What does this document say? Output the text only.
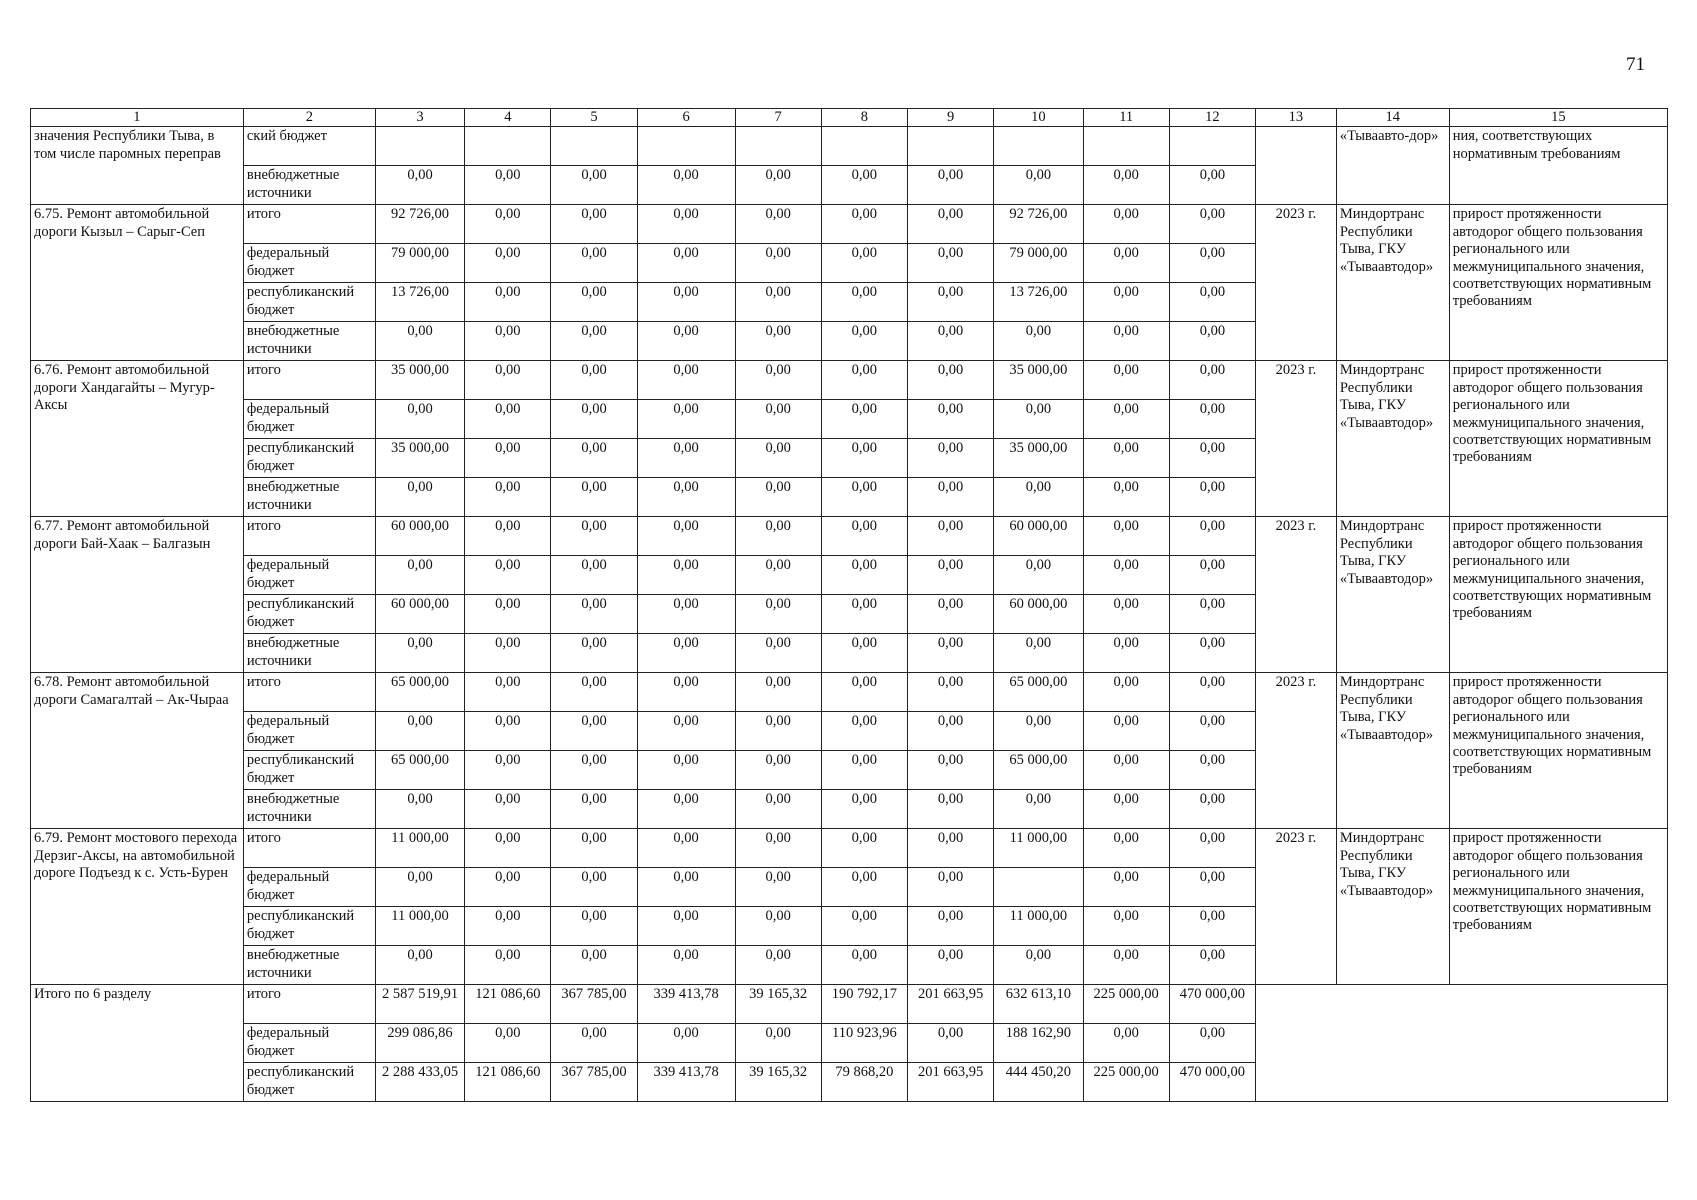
71
1	2	3	4	5	6	7	8	9	10	11	12	13	14	15
значения Республики Тыва, в том числе паромных переправ	ский бюджет												«Тываавто-дор»	ния, соответствующих нормативным требованиям
	внебюджетные источники	0,00	0,00	0,00	0,00	0,00	0,00	0,00	0,00	0,00	0,00			
6.75. Ремонт автомобильной дороги Кызыл – Сарыг-Сеп	итого	92 726,00	0,00	0,00	0,00	0,00	0,00	0,00	92 726,00	0,00	0,00	2023 г.	Миндортранс Республики Тыва, ГКУ «Тываавтодор»	прирост протяженности автодорог общего пользования регионального или межмуниципального значения, соответствующих нормативным требованиям
	федеральный бюджет	79 000,00	0,00	0,00	0,00	0,00	0,00	0,00	79 000,00	0,00	0,00			
	республиканский бюджет	13 726,00	0,00	0,00	0,00	0,00	0,00	0,00	13 726,00	0,00	0,00			
	внебюджетные источники	0,00	0,00	0,00	0,00	0,00	0,00	0,00	0,00	0,00	0,00			
6.76. Ремонт автомобильной дороги Хандагайты – Мугур-Аксы	итого	35 000,00	0,00	0,00	0,00	0,00	0,00	0,00	35 000,00	0,00	0,00	2023 г.	Миндортранс Республики Тыва, ГКУ «Тываавтодор»	прирост протяженности автодорог общего пользования регионального или межмуниципального значения, соответствующих нормативным требованиям
	федеральный бюджет	0,00	0,00	0,00	0,00	0,00	0,00	0,00	0,00	0,00	0,00			
	республиканский бюджет	35 000,00	0,00	0,00	0,00	0,00	0,00	0,00	35 000,00	0,00	0,00			
	внебюджетные источники	0,00	0,00	0,00	0,00	0,00	0,00	0,00	0,00	0,00	0,00			
6.77. Ремонт автомобильной дороги Бай-Хаак – Балгазын	итого	60 000,00	0,00	0,00	0,00	0,00	0,00	0,00	60 000,00	0,00	0,00	2023 г.	Миндортранс Республики Тыва, ГКУ «Тываавтодор»	прирост протяженности автодорог общего пользования регионального или межмуниципального значения, соответствующих нормативным требованиям
	федеральный бюджет	0,00	0,00	0,00	0,00	0,00	0,00	0,00	0,00	0,00	0,00			
	республиканский бюджет	60 000,00	0,00	0,00	0,00	0,00	0,00	0,00	60 000,00	0,00	0,00			
	внебюджетные источники	0,00	0,00	0,00	0,00	0,00	0,00	0,00	0,00	0,00	0,00			
6.78. Ремонт автомобильной дороги Самагалтай – Ак-Чыраа	итого	65 000,00	0,00	0,00	0,00	0,00	0,00	0,00	65 000,00	0,00	0,00	2023 г.	Миндортранс Республики Тыва, ГКУ «Тываавтодор»	прирост протяженности автодорог общего пользования регионального или межмуниципального значения, соответствующих нормативным требованиям
	федеральный бюджет	0,00	0,00	0,00	0,00	0,00	0,00	0,00	0,00	0,00	0,00			
	республиканский бюджет	65 000,00	0,00	0,00	0,00	0,00	0,00	0,00	65 000,00	0,00	0,00			
	внебюджетные источники	0,00	0,00	0,00	0,00	0,00	0,00	0,00	0,00	0,00	0,00			
6.79. Ремонт мостового перехода Дерзиг-Аксы, на автомобильной дороге Подъезд к с. Усть-Бурен	итого	11 000,00	0,00	0,00	0,00	0,00	0,00	0,00	11 000,00	0,00	0,00	2023 г.	Миндортранс Республики Тыва, ГКУ «Тываавтодор»	прирост протяженности автодорог общего пользования регионального или межмуниципального значения, соответствующих нормативным требованиям
	федеральный бюджет	0,00	0,00	0,00	0,00	0,00	0,00	0,00		0,00	0,00			
	республиканский бюджет	11 000,00	0,00	0,00	0,00	0,00	0,00	0,00	11 000,00	0,00	0,00			
	внебюджетные источники	0,00	0,00	0,00	0,00	0,00	0,00	0,00	0,00	0,00	0,00			
Итого по 6 разделу	итого	2 587 519,91	121 086,60	367 785,00	339 413,78	39 165,32	190 792,17	201 663,95	632 613,10	225 000,00	470 000,00			
	федеральный бюджет	299 086,86	0,00	0,00	0,00	0,00	110 923,96	0,00	188 162,90	0,00	0,00			
	республиканский бюджет	2 288 433,05	121 086,60	367 785,00	339 413,78	39 165,32	79 868,20	201 663,95	444 450,20	225 000,00	470 000,00			
